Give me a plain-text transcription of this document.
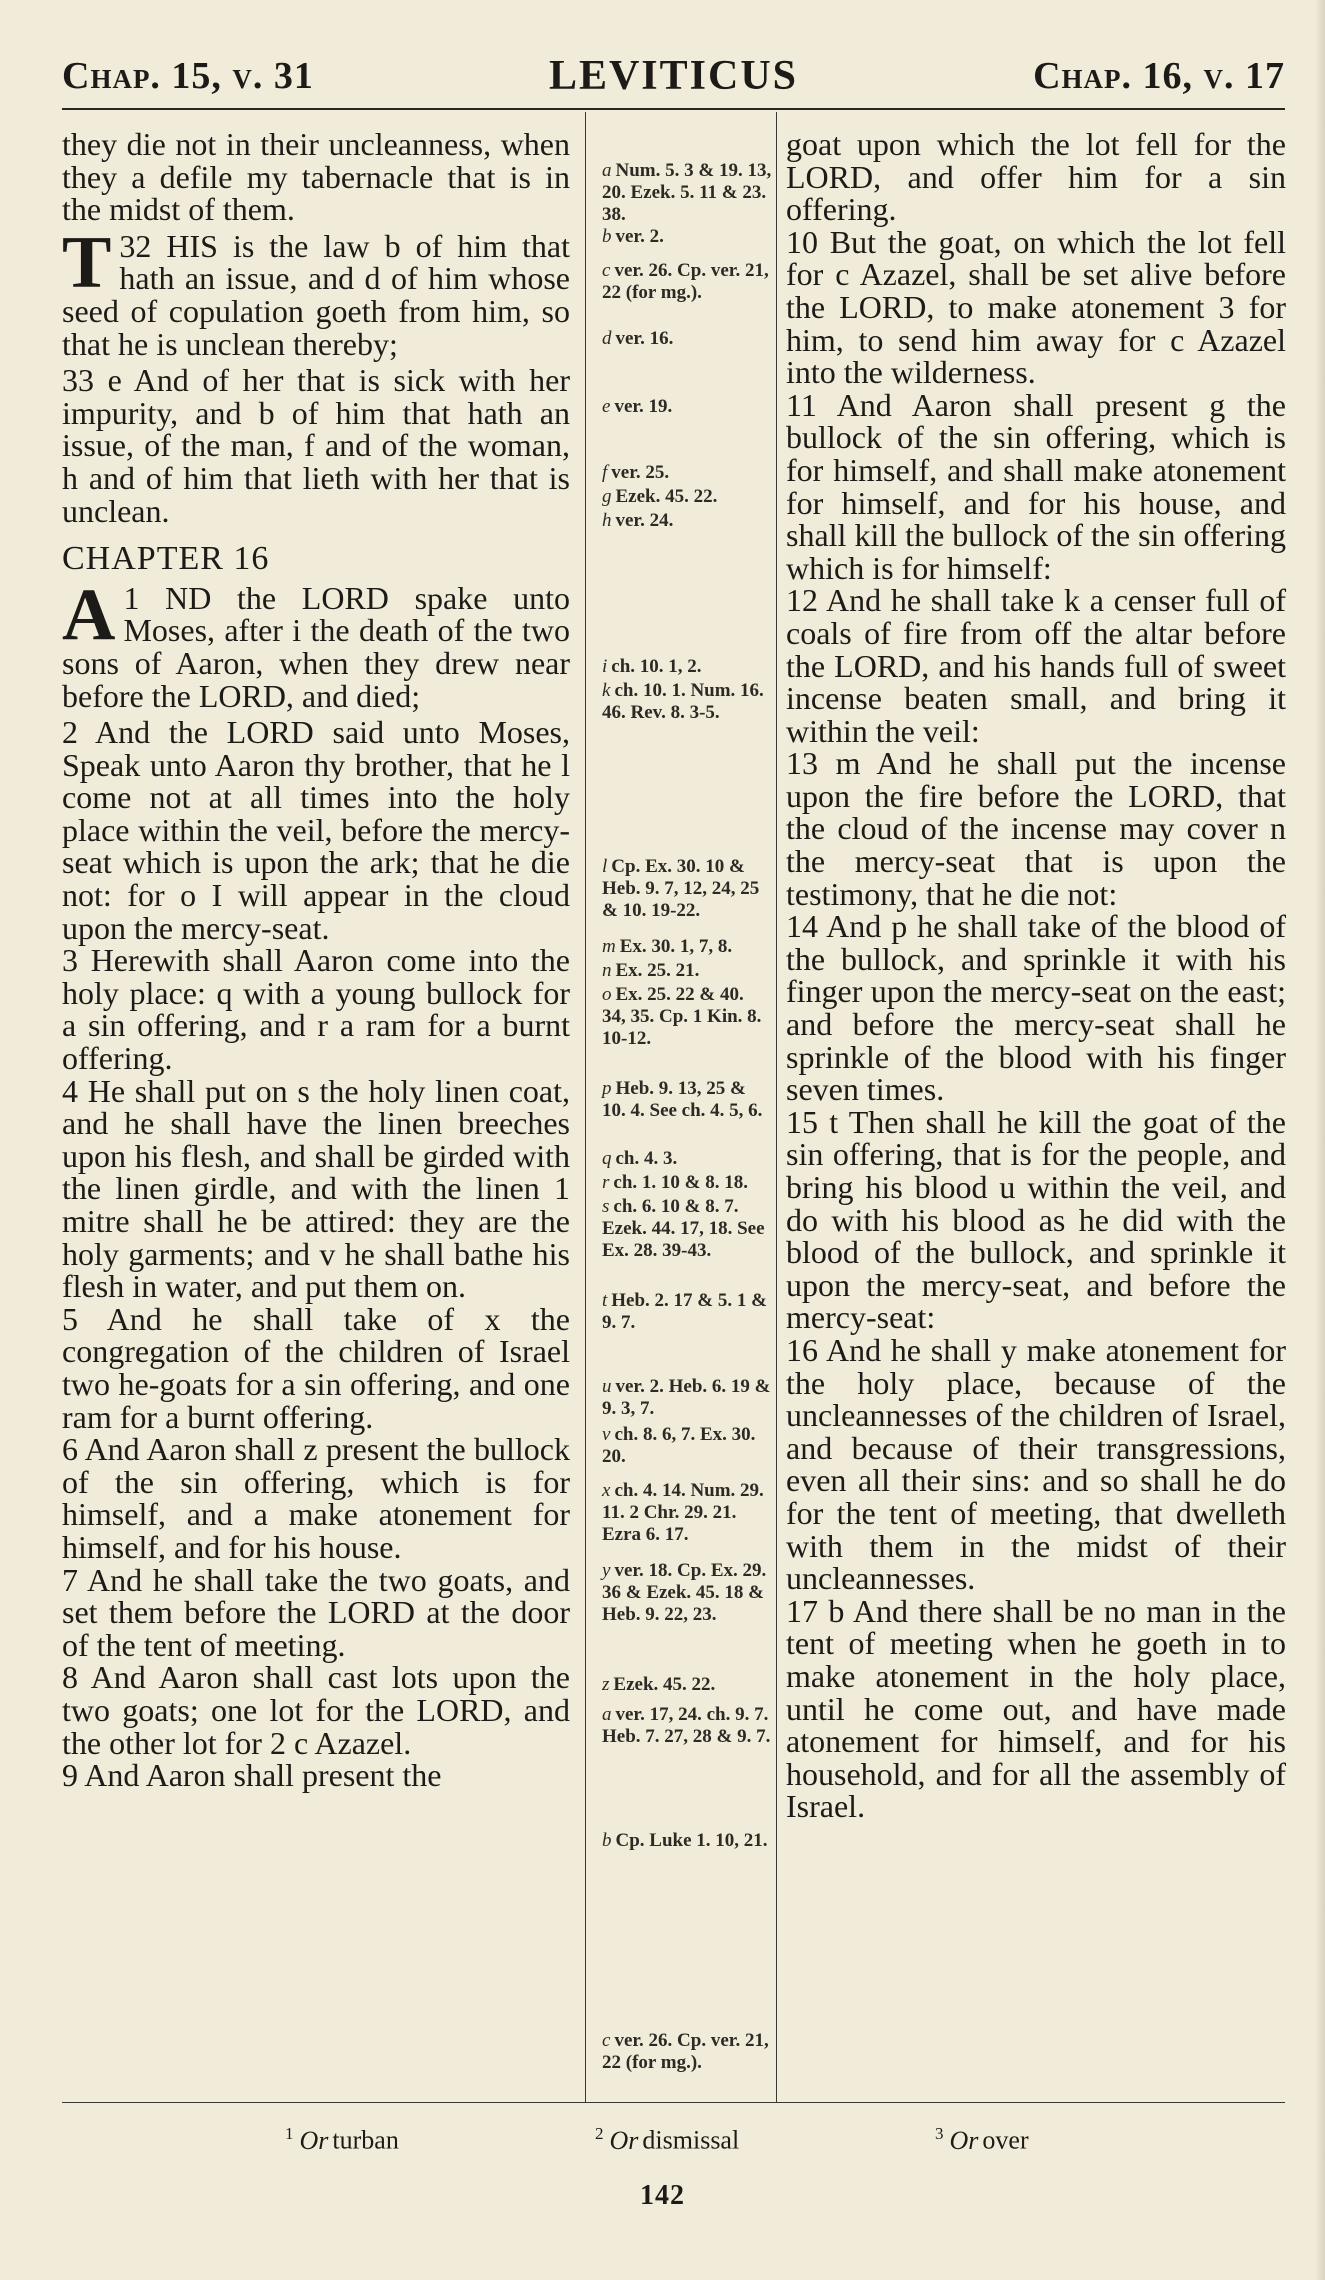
Chap. 15, v. 31	LEVITICUS	Chap. 16, v. 17

they die not in their uncleanness, when they a defile my tabernacle that is in the midst of them.

32
T HIS is the law b of him that hath an issue, and d of him whose seed of copulation goeth from him, so that he is unclean thereby;

33 e And of her that is sick with her impurity, and b of him that hath an issue, of the man, f and of the woman, h and of him that lieth with her that is unclean.

CHAPTER 16

1
A ND the LORD spake unto Moses, after i the death of the two sons of Aaron, when they drew near before the LORD, and died;

2 And the LORD said unto Moses, Speak unto Aaron thy brother, that he l come not at all times into the holy place within the veil, before the mercy-seat which is upon the ark; that he die not: for o I will appear in the cloud upon the mercy-seat.

3 Herewith shall Aaron come into the holy place: q with a young bullock for a sin offering, and r a ram for a burnt offering.

4 He shall put on s the holy linen coat, and he shall have the linen breeches upon his flesh, and shall be girded with the linen girdle, and with the linen 1 mitre shall he be attired: they are the holy garments; and v he shall bathe his flesh in water, and put them on.

5 And he shall take of x the congregation of the children of Israel two he-goats for a sin offering, and one ram for a burnt offering.

6 And Aaron shall z present the bullock of the sin offering, which is for himself, and a make atonement for himself, and for his house.

7 And he shall take the two goats, and set them before the LORD at the door of the tent of meeting.

8 And Aaron shall cast lots upon the two goats; one lot for the LORD, and the other lot for 2 c Azazel.

9 And Aaron shall present the

a Num. 5. 3 & 19. 13, 20. Ezek. 5. 11 & 23. 38.
b ver. 2.
c ver. 26. Cp. ver. 21, 22 (for mg.).
d ver. 16.
e ver. 19.
f ver. 25.
g Ezek. 45. 22.
h ver. 24.
i ch. 10. 1, 2.
k ch. 10. 1. Num. 16. 46. Rev. 8. 3-5.
l Cp. Ex. 30. 10 & Heb. 9. 7, 12, 24, 25 & 10. 19-22.
m Ex. 30. 1, 7, 8.
n Ex. 25. 21.
o Ex. 25. 22 & 40. 34, 35. Cp. 1 Kin. 8. 10-12.
p Heb. 9. 13, 25 & 10. 4. See ch. 4. 5, 6.
q ch. 4. 3.
r ch. 1. 10 & 8. 18.
s ch. 6. 10 & 8. 7. Ezek. 44. 17, 18. See Ex. 28. 39-43.
t Heb. 2. 17 & 5. 1 & 9. 7.
u ver. 2. Heb. 6. 19 & 9. 3, 7.
v ch. 8. 6, 7. Ex. 30. 20.
x ch. 4. 14. Num. 29. 11. 2 Chr. 29. 21. Ezra 6. 17.
y ver. 18. Cp. Ex. 29. 36 & Ezek. 45. 18 & Heb. 9. 22, 23.
z Ezek. 45. 22.
a ver. 17, 24. ch. 9. 7. Heb. 7. 27, 28 & 9. 7.
b Cp. Luke 1. 10, 21.
c ver. 26. Cp. ver. 21, 22 (for mg.).

goat upon which the lot fell for the LORD, and offer him for a sin offering.

10 But the goat, on which the lot fell for c Azazel, shall be set alive before the LORD, to make atonement 3 for him, to send him away for c Azazel into the wilderness.

11 And Aaron shall present g the bullock of the sin offering, which is for himself, and shall make atonement for himself, and for his house, and shall kill the bullock of the sin offering which is for himself:

12 And he shall take k a censer full of coals of fire from off the altar before the LORD, and his hands full of sweet incense beaten small, and bring it within the veil:

13 m And he shall put the incense upon the fire before the LORD, that the cloud of the incense may cover n the mercy-seat that is upon the testimony, that he die not:

14 And p he shall take of the blood of the bullock, and sprinkle it with his finger upon the mercy-seat on the east; and before the mercy-seat shall he sprinkle of the blood with his finger seven times.

15 t Then shall he kill the goat of the sin offering, that is for the people, and bring his blood u within the veil, and do with his blood as he did with the blood of the bullock, and sprinkle it upon the mercy-seat, and before the mercy-seat:

16 And he shall y make atonement for the holy place, because of the uncleannesses of the children of Israel, and because of their transgressions, even all their sins: and so shall he do for the tent of meeting, that dwelleth with them in the midst of their uncleannesses.

17 b And there shall be no man in the tent of meeting when he goeth in to make atonement in the holy place, until he come out, and have made atonement for himself, and for his household, and for all the assembly of Israel.

$^1$ Or turban	$^2$ Or dismissal	$^3$ Or over
142
